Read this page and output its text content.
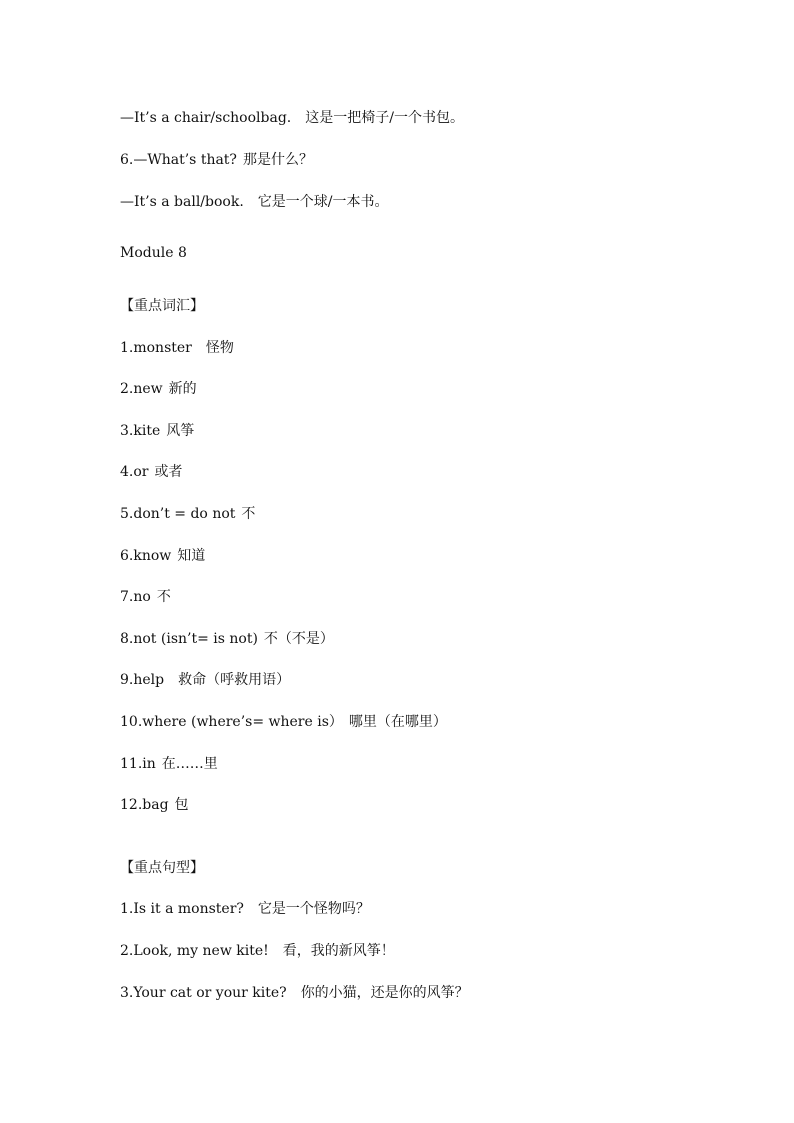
—It’s a chair/schoolbag. 这是一把椅子/一个书包。
6.—What’s that? 那是什么？
—It’s a ball/book. 它是一个球/一本书。
Module 8
【重点词汇】
1.monster 怪物
2.new 新的
3.kite 风筝
4.or 或者
5.don’t = do not 不
6.know 知道
7.no 不
8.not (isn’t= is not) 不（不是）
9.help 救命（呼救用语）
10.where (where’s= where is） 哪里（在哪里）
11.in 在……里
12.bag 包
【重点句型】
1.Is it a monster? 它是一个怪物吗？
2.Look, my new kite! 看，我的新风筝！
3.Your cat or your kite? 你的小猫，还是你的风筝？
